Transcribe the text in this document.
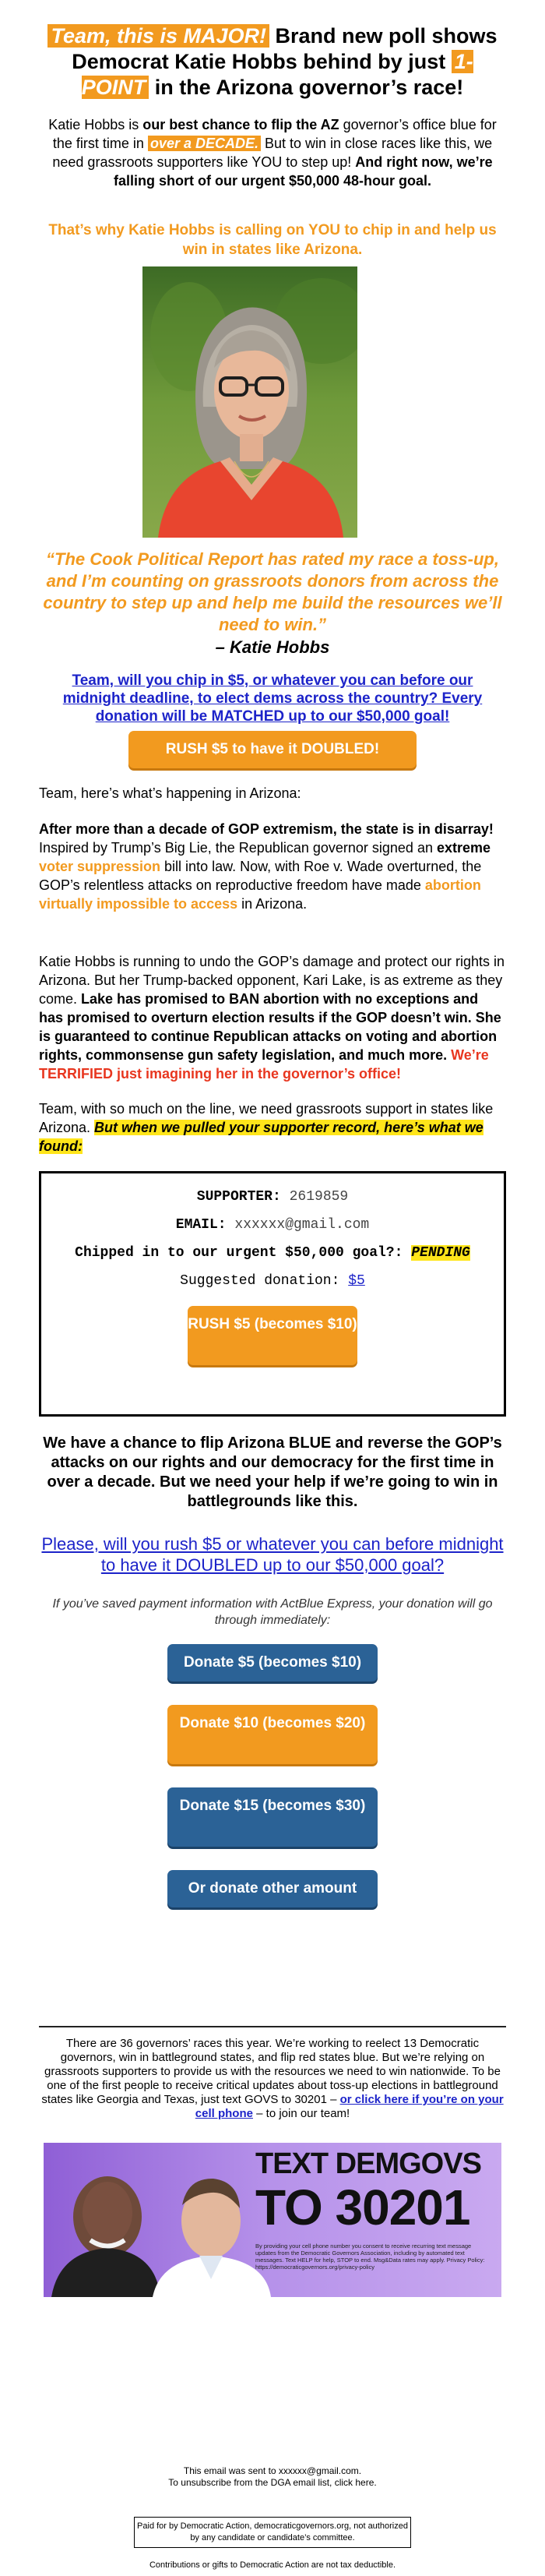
Team, this is MAJOR! Brand new poll shows Democrat Katie Hobbs behind by just 1-POINT in the Arizona governor’s race!
Katie Hobbs is our best chance to flip the AZ governor’s office blue for the first time in over a DECADE. But to win in close races like this, we need grassroots supporters like YOU to step up! And right now, we’re falling short of our urgent $50,000 48-hour goal.
That’s why Katie Hobbs is calling on YOU to chip in and help us win in states like Arizona.
“The Cook Political Report has rated my race a toss-up, and I’m counting on grassroots donors from across the country to step up and help me build the resources we’ll need to win.”
– Katie Hobbs
Team, will you chip in $5, or whatever you can before our midnight deadline, to elect dems across the country? Every donation will be MATCHED up to our $50,000 goal!
RUSH $5 to have it DOUBLED!
Team, here’s what’s happening in Arizona:
After more than a decade of GOP extremism, the state is in disarray! Inspired by Trump’s Big Lie, the Republican governor signed an extreme voter suppression bill into law. Now, with Roe v. Wade overturned, the GOP’s relentless attacks on reproductive freedom have made abortion virtually impossible to access in Arizona.
Katie Hobbs is running to undo the GOP’s damage and protect our rights in Arizona. But her Trump-backed opponent, Kari Lake, is as extreme as they come. Lake has promised to BAN abortion with no exceptions and has promised to overturn election results if the GOP doesn’t win. She is guaranteed to continue Republican attacks on voting and abortion rights, commonsense gun safety legislation, and much more. We’re TERRIFIED just imagining her in the governor’s office!
Team, with so much on the line, we need grassroots support in states like Arizona. But when we pulled your supporter record, here’s what we found:
SUPPORTER: 2619859
EMAIL: xxxxxx@gmail.com
Chipped in to our urgent $50,000 goal?: PENDING
Suggested donation: $5
RUSH $5 (becomes $10)
We have a chance to flip Arizona BLUE and reverse the GOP’s attacks on our rights and our democracy for the first time in over a decade. But we need your help if we’re going to win in battlegrounds like this.
Please, will you rush $5 or whatever you can before midnight to have it DOUBLED up to our $50,000 goal?
If you’ve saved payment information with ActBlue Express, your donation will go through immediately:
Donate $5 (becomes $10)
Donate $10 (becomes $20)
Donate $15 (becomes $30)
Or donate other amount
There are 36 governors’ races this year. We’re working to reelect 13 Democratic governors, win in battleground states, and flip red states blue. But we’re relying on grassroots supporters to provide us with the resources we need to win nationwide. To be one of the first people to receive critical updates about toss-up elections in battleground states like Georgia and Texas, just text GOVS to 30201 – or click here if you’re on your cell phone – to join our team!
TEXT DEMGOVS
TO 30201
By providing your cell phone number you consent to receive recurring text message updates from the Democratic Governors Association, including by automated text messages. Text HELP for help, STOP to end. Msg&Data rates may apply. Privacy Policy: https://democraticgovernors.org/privacy-policy
This email was sent to xxxxxx@gmail.com.
To unsubscribe from the DGA email list, click here.
Paid for by Democratic Action, democraticgovernors.org, not authorized by any candidate or candidate’s committee.
Contributions or gifts to Democratic Action are not tax deductible.
